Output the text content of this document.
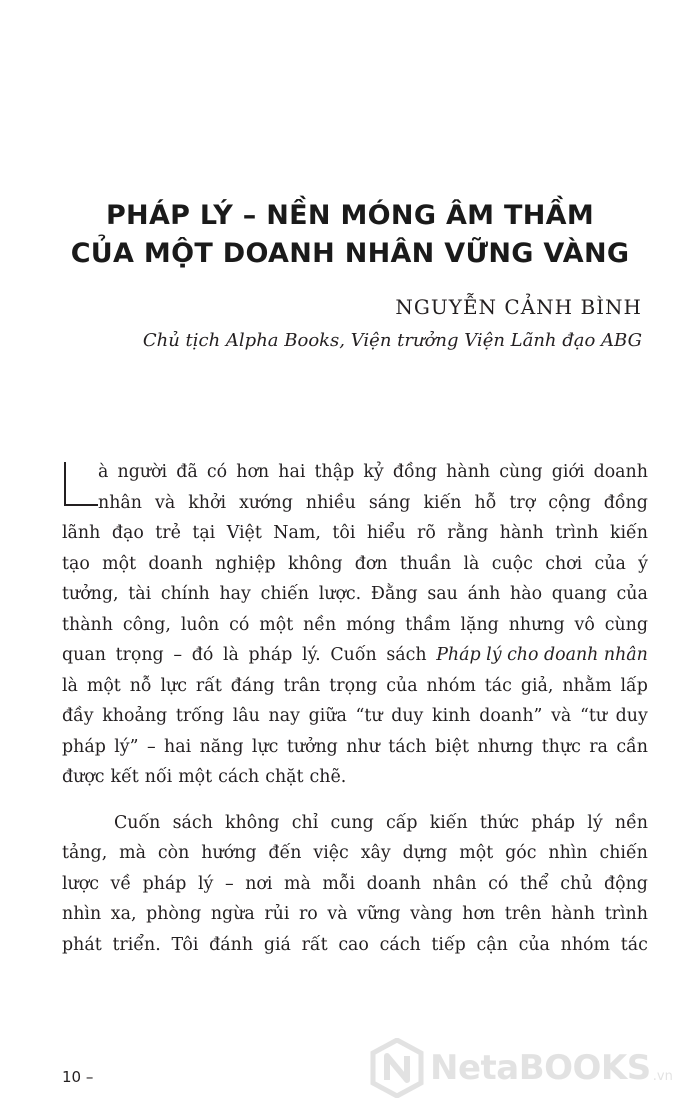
PHÁP LÝ – NỀN MÓNG ÂM THẦM
CỦA MỘT DOANH NHÂN VỮNG VÀNG
NGUYỄN CẢNH BÌNH
Chủ tịch Alpha Books, Viện trưởng Viện Lãnh đạo ABG
à người đã có hơn hai thập kỷ đồng hành cùng giới doanh
nhân và khởi xướng nhiều sáng kiến hỗ trợ cộng đồng
lãnh đạo trẻ tại Việt Nam, tôi hiểu rõ rằng hành trình kiến
tạo một doanh nghiệp không đơn thuần là cuộc chơi của ý
tưởng, tài chính hay chiến lược. Đằng sau ánh hào quang của
thành công, luôn có một nền móng thầm lặng nhưng vô cùng
quan trọng – đó là pháp lý. Cuốn sách Pháp lý cho doanh nhân
là một nỗ lực rất đáng trân trọng của nhóm tác giả, nhằm lấp
đầy khoảng trống lâu nay giữa “tư duy kinh doanh” và “tư duy
pháp lý” – hai năng lực tưởng như tách biệt nhưng thực ra cần
được kết nối một cách chặt chẽ.
Cuốn sách không chỉ cung cấp kiến thức pháp lý nền
tảng, mà còn hướng đến việc xây dựng một góc nhìn chiến
lược về pháp lý – nơi mà mỗi doanh nhân có thể chủ động
nhìn xa, phòng ngừa rủi ro và vững vàng hơn trên hành trình
phát triển. Tôi đánh giá rất cao cách tiếp cận của nhóm tác
10 –	NetaBOOKS .vn
